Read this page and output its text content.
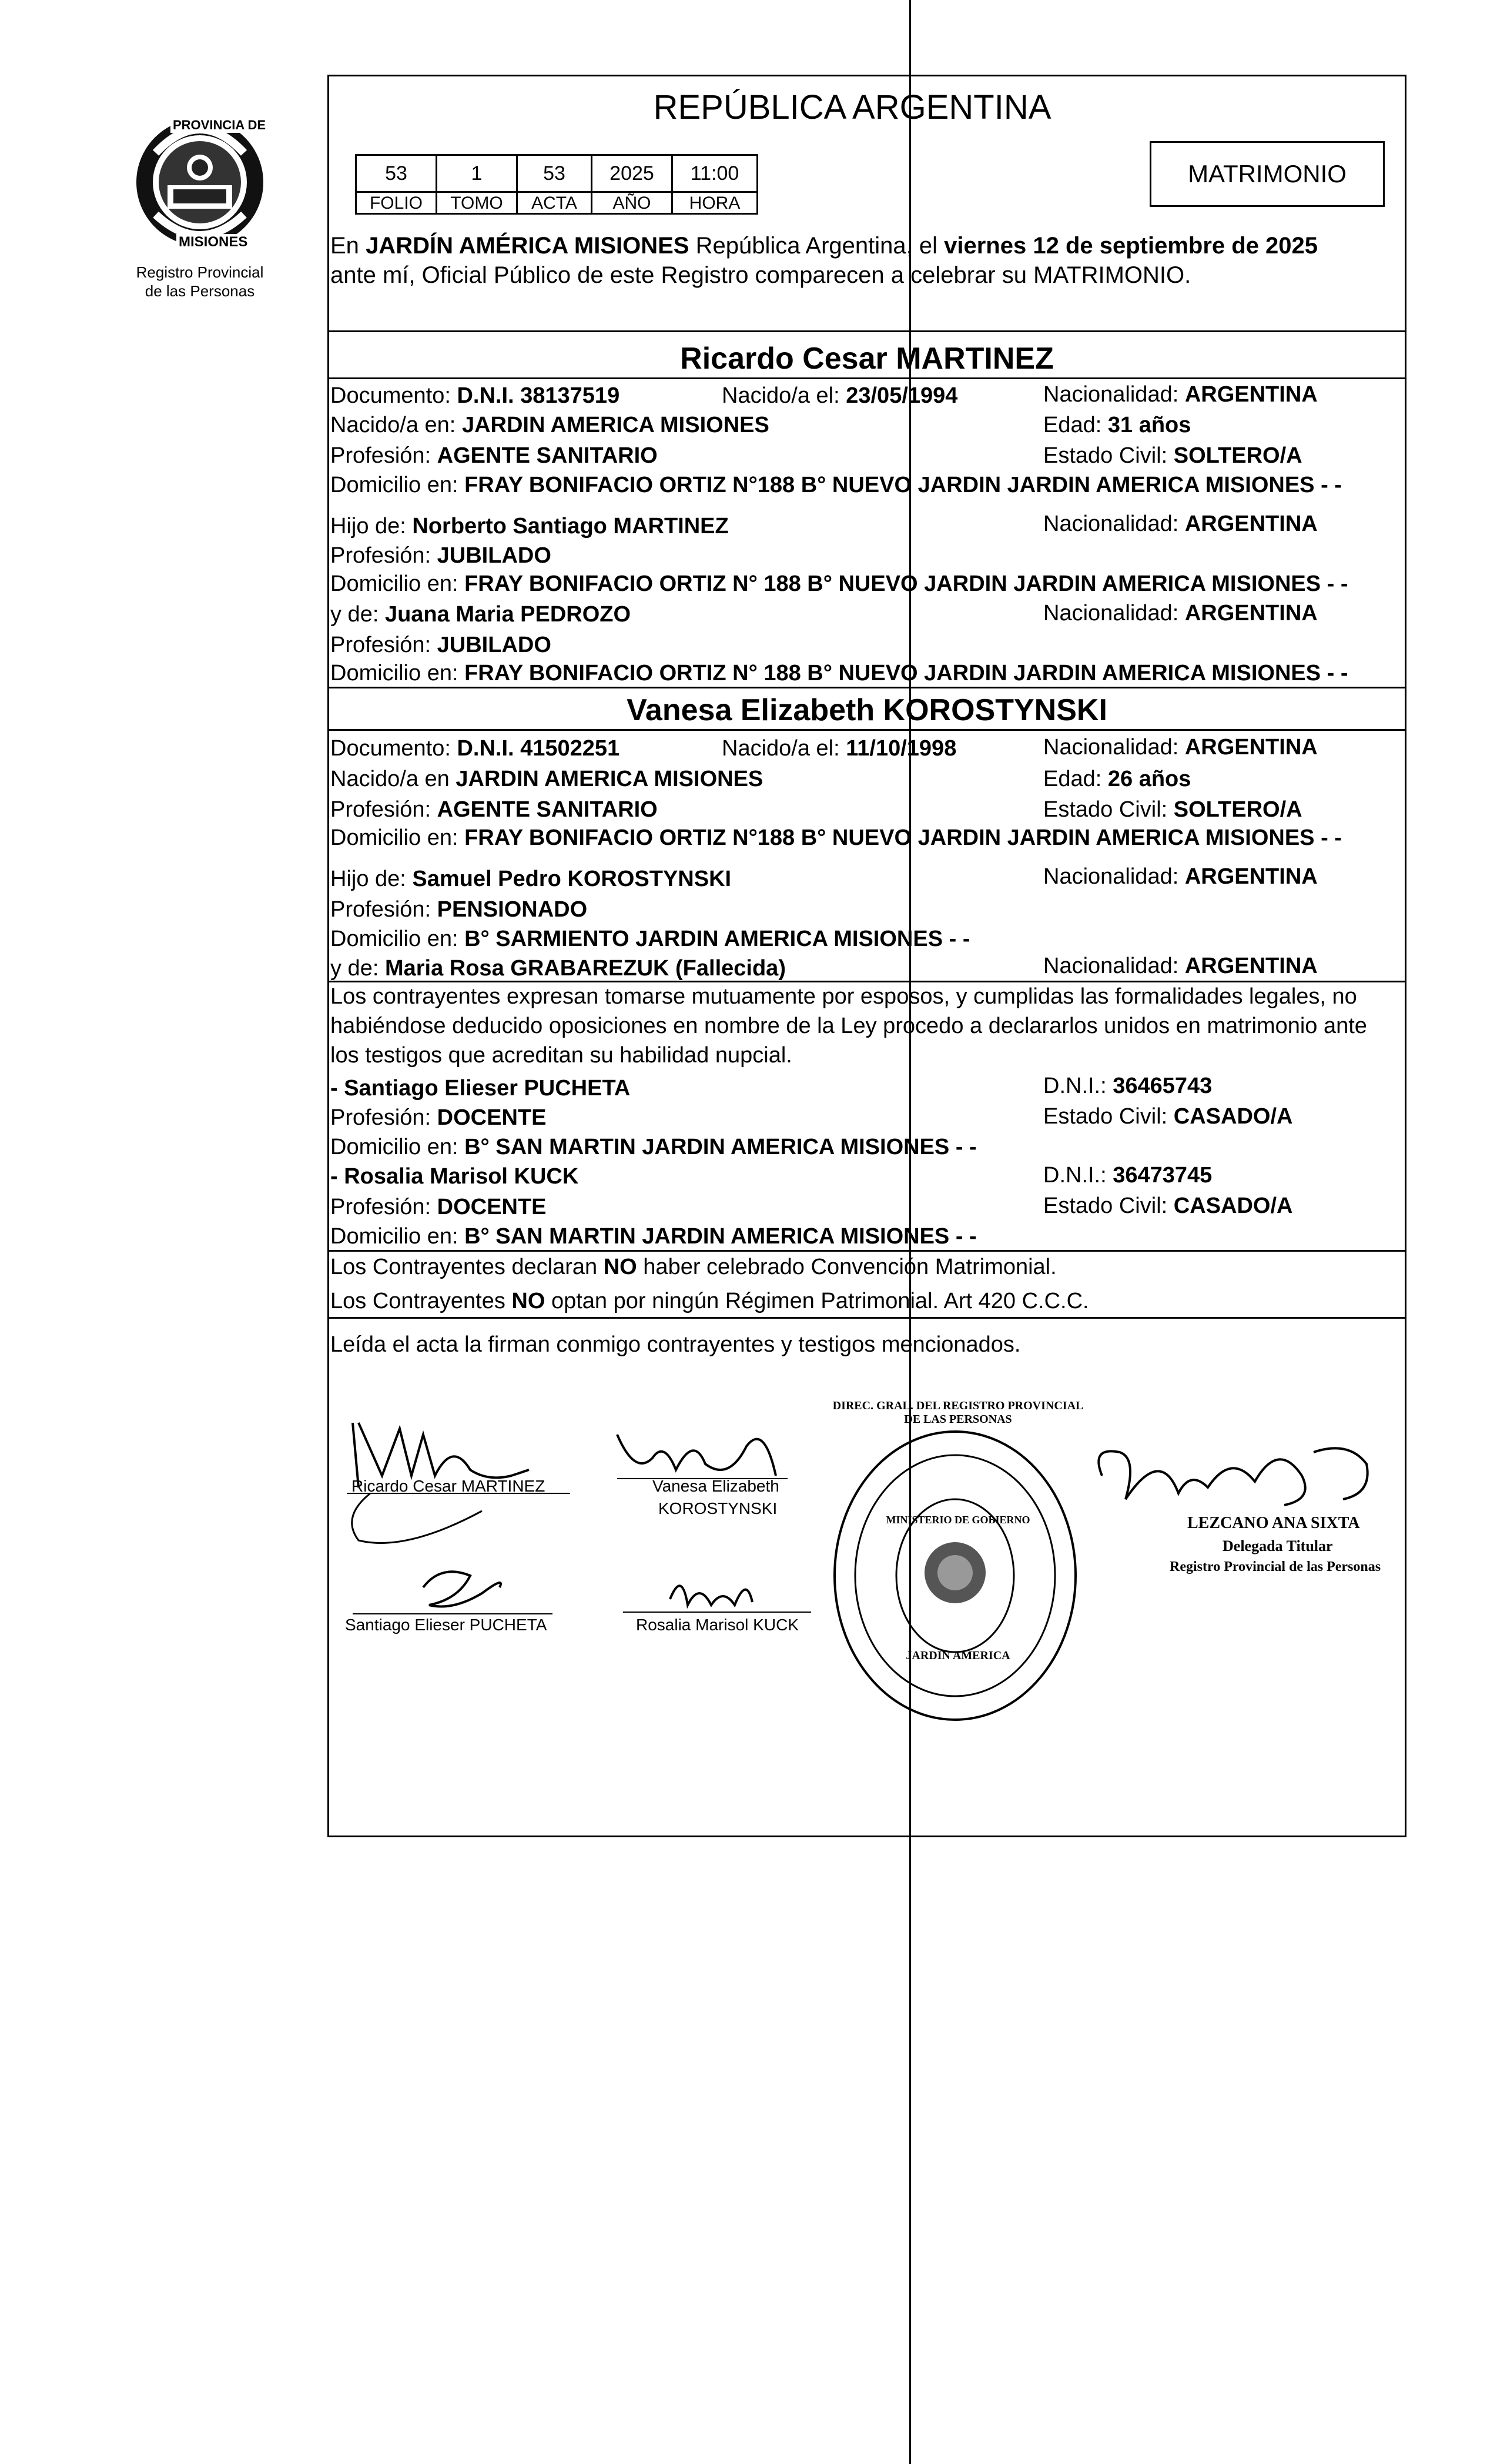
PROVINCIA DE
MISIONES
Registro Provincial
de las Personas
REPÚBLICA ARGENTINA
53	1	53	2025	11:00
FOLIO	TOMO	ACTA	AÑO	HORA
MATRIMONIO
En JARDÍN AMÉRICA MISIONES República Argentina, el viernes 12 de septiembre de 2025
ante mí, Oficial Público de este Registro comparecen a celebrar su MATRIMONIO.
Ricardo Cesar MARTINEZ
Documento: D.N.I. 38137519	Nacido/a el: 23/05/1994	Nacionalidad: ARGENTINA
Nacido/a en: JARDIN AMERICA MISIONES	Edad: 31 años
Profesión: AGENTE SANITARIO	Estado Civil: SOLTERO/A
Domicilio en: FRAY BONIFACIO ORTIZ N°188 B° NUEVO JARDIN JARDIN AMERICA MISIONES - -
Hijo de: Norberto Santiago MARTINEZ	Nacionalidad: ARGENTINA
Profesión: JUBILADO
Domicilio en: FRAY BONIFACIO ORTIZ N° 188 B° NUEVO JARDIN JARDIN AMERICA MISIONES - -
y de: Juana Maria PEDROZO	Nacionalidad: ARGENTINA
Profesión: JUBILADO
Domicilio en: FRAY BONIFACIO ORTIZ N° 188 B° NUEVO JARDIN JARDIN AMERICA MISIONES - -
Vanesa Elizabeth KOROSTYNSKI
Documento: D.N.I. 41502251	Nacido/a el: 11/10/1998	Nacionalidad: ARGENTINA
Nacido/a en JARDIN AMERICA MISIONES	Edad: 26 años
Profesión: AGENTE SANITARIO	Estado Civil: SOLTERO/A
Domicilio en: FRAY BONIFACIO ORTIZ N°188 B° NUEVO JARDIN JARDIN AMERICA MISIONES - -
Hijo de: Samuel Pedro KOROSTYNSKI	Nacionalidad: ARGENTINA
Profesión: PENSIONADO
Domicilio en: B° SARMIENTO JARDIN AMERICA MISIONES - -
y de: Maria Rosa GRABAREZUK (Fallecida)	Nacionalidad: ARGENTINA
Los contrayentes expresan tomarse mutuamente por esposos, y cumplidas las formalidades legales, no
habiéndose deducido oposiciones en nombre de la Ley procedo a declararlos unidos en matrimonio ante
los testigos que acreditan su habilidad nupcial.
- Santiago Elieser PUCHETA	D.N.I.: 36465743
Profesión: DOCENTE	Estado Civil: CASADO/A
Domicilio en: B° SAN MARTIN JARDIN AMERICA MISIONES - -
- Rosalia Marisol KUCK	D.N.I.: 36473745
Profesión: DOCENTE	Estado Civil: CASADO/A
Domicilio en: B° SAN MARTIN JARDIN AMERICA MISIONES - -
Los Contrayentes declaran NO haber celebrado Convención Matrimonial.
Los Contrayentes NO optan por ningún Régimen Patrimonial. Art 420 C.C.C.
Leída el acta la firman conmigo contrayentes y testigos mencionados.
Ricardo Cesar MARTINEZ	Vanesa Elizabeth
KOROSTYNSKI
Santiago Elieser PUCHETA	Rosalia Marisol KUCK
DIREC. GRAL. DEL REGISTRO PROVINCIAL DE LAS PERSONAS
MINISTERIO DE GOBIERNO
JARDIN AMERICA
LEZCANO ANA SIXTA
Delegada Titular
Registro Provincial de las Personas
